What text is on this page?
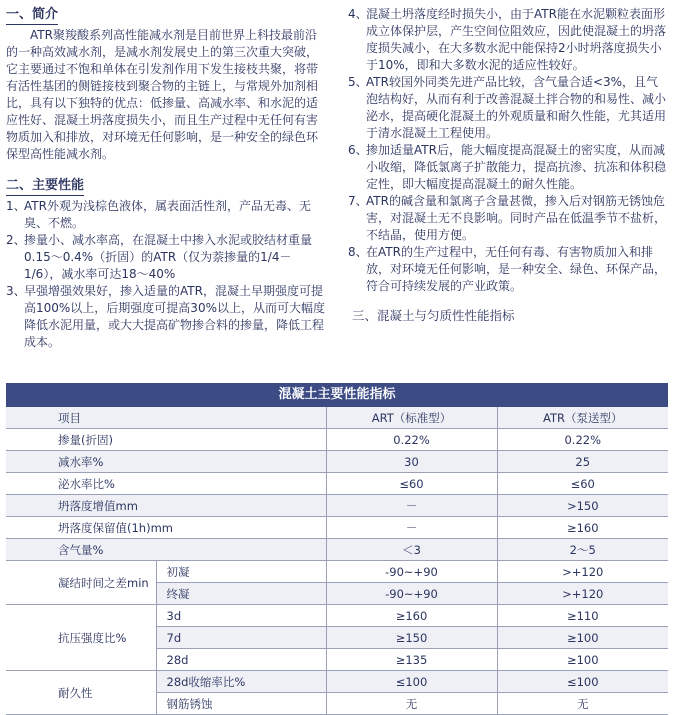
一、简介

ATR聚羧酸系列高性能减水剂是目前世界上科技最前沿的一种高效减水剂，是减水剂发展史上的第三次重大突破，它主要通过不饱和单体在引发剂作用下发生接枝共聚，将带有活性基团的侧链接枝到聚合物的主链上，与常规外加剂相比，具有以下独特的优点：低掺量、高减水率、和水泥的适应性好、混凝土坍落度损失小，而且生产过程中无任何有害物质加入和排放，对环境无任何影响，是一种安全的绿色环保型高性能减水剂。

二、主要性能
1、
ATR外观为浅棕色液体，属表面活性剂，产品无毒、无臭、不燃。
2、
掺量小、减水率高，在混凝土中掺入水泥或胶结材重量0.15～0.4%（折固）的ATR（仅为萘掺量的1/4－1/6），减水率可达18～40%
3、
早强增强效果好，掺入适量的ATR，混凝土早期强度可提高100%以上，后期强度可提高30%以上，从而可大幅度降低水泥用量，或大大提高矿物掺合料的掺量，降低工程成本。
4、
混凝土坍落度经时损失小，由于ATR能在水泥颗粒表面形成立体保护层，产生空间位阻效应，因此使混凝土的坍落度损失减小，在大多数水泥中能保持2小时坍落度损失小于10%，即和大多数水泥的适应性较好。
5、
ATR较国外同类先进产品比较，含气量合适<3%，且气泡结构好，从而有利于改善混凝土拌合物的和易性、减小泌水，提高硬化混凝土的外观质量和耐久性能，尤其适用于清水混凝土工程使用。
6、
掺加适量ATR后，能大幅度提高混凝土的密实度，从而减小收缩，降低氯离子扩散能力，提高抗渗、抗冻和体积稳定性，即大幅度提高混凝土的耐久性能。
7、
ATR的碱含量和氯离子含量甚微，掺入后对钢筋无锈蚀危害，对混凝土无不良影响。同时产品在低温季节不盐析，不结晶，使用方便。
8、
在ATR的生产过程中，无任何有毒、有害物质加入和排放，对环境无任何影响，是一种安全、绿色、环保产品，符合可持续发展的产业政策。
三、混凝土与匀质性性能指标
混凝土主要性能指标
项目		ART（标准型）	ATR（泵送型）
掺量(折固)		0.22%	0.22%
减水率%		30	25
泌水率比%		≤60	≤60
坍落度增值mm		－	>150
坍落度保留值(1h)mm		－	≥160
含气量%		＜3	2～5
凝结时间之差min	初凝	-90~+90	>+120
	终凝	-90~+90	>+120
抗压强度比%	3d	≥160	≥110
	7d	≥150	≥100
	28d	≥135	≥100
耐久性	28d收缩率比%	≤100	≤100
	钢筋锈蚀	无	无
